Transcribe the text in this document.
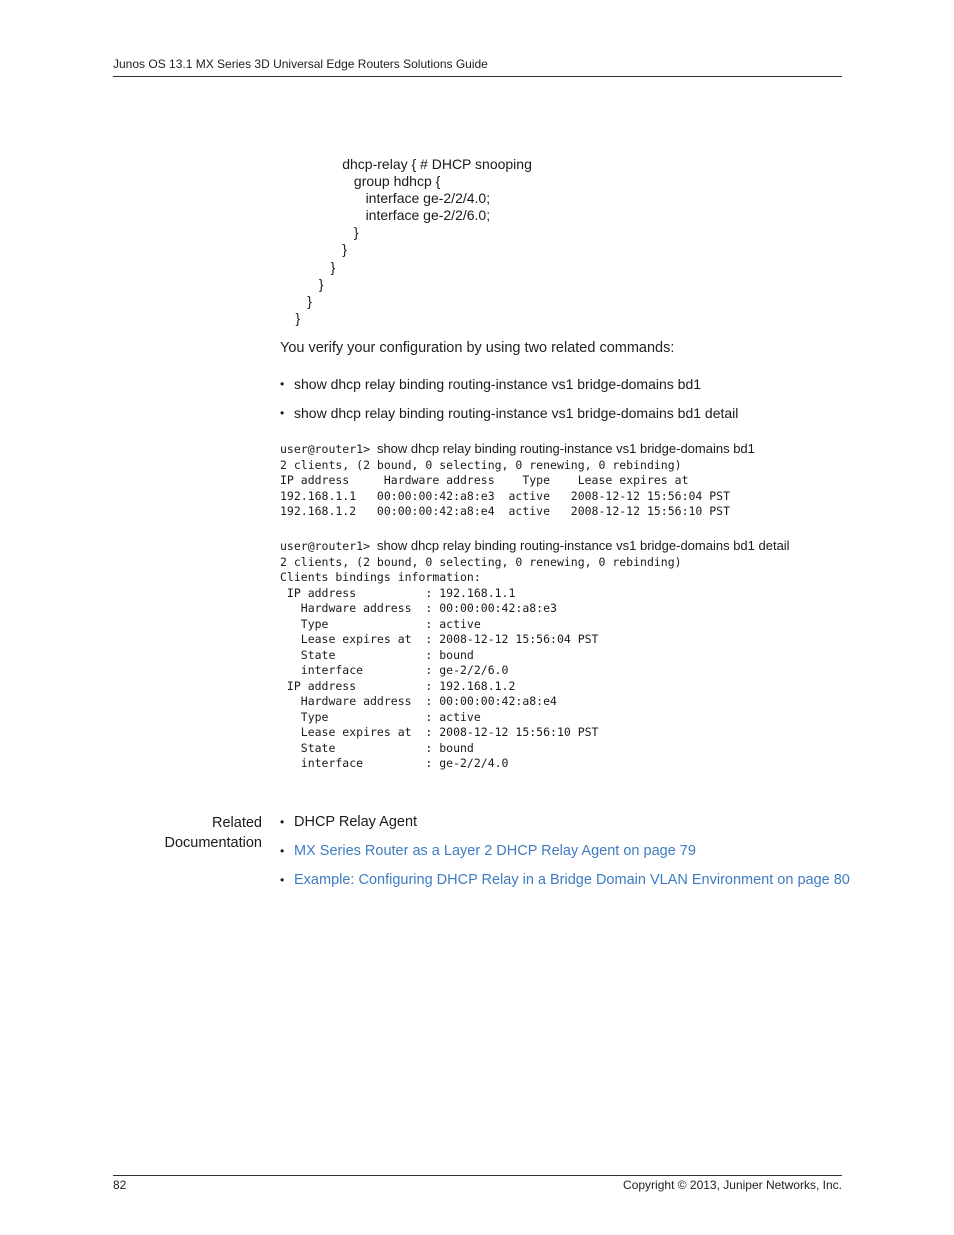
Junos OS 13.1 MX Series 3D Universal Edge Routers Solutions Guide
dhcp-relay { # DHCP snooping
group hdhcp {
interface ge-2/2/4.0;
interface ge-2/2/6.0;
}
}
}
}
}
}
You verify your configuration by using two related commands:
• show dhcp relay binding routing-instance vs1 bridge-domains bd1
• show dhcp relay binding routing-instance vs1 bridge-domains bd1 detail
user@router1> show dhcp relay binding routing-instance vs1 bridge-domains bd1
2 clients, (2 bound, 0 selecting, 0 renewing, 0 rebinding)
IP address     Hardware address    Type    Lease expires at
192.168.1.1   00:00:00:42:a8:e3  active   2008-12-12 15:56:04 PST
192.168.1.2   00:00:00:42:a8:e4  active   2008-12-12 15:56:10 PST
user@router1> show dhcp relay binding routing-instance vs1 bridge-domains bd1 detail
2 clients, (2 bound, 0 selecting, 0 renewing, 0 rebinding)
Clients bindings information:
IP address          : 192.168.1.1
Hardware address  : 00:00:00:42:a8:e3
Type              : active
Lease expires at  : 2008-12-12 15:56:04 PST
State             : bound
interface         : ge-2/2/6.0
IP address          : 192.168.1.2
Hardware address  : 00:00:00:42:a8:e4
Type              : active
Lease expires at  : 2008-12-12 15:56:10 PST
State             : bound
interface         : ge-2/2/4.0
Related
Documentation
• DHCP Relay Agent
• MX Series Router as a Layer 2 DHCP Relay Agent on page 79
• Example: Configuring DHCP Relay in a Bridge Domain VLAN Environment on page 80
82	Copyright © 2013, Juniper Networks, Inc.
